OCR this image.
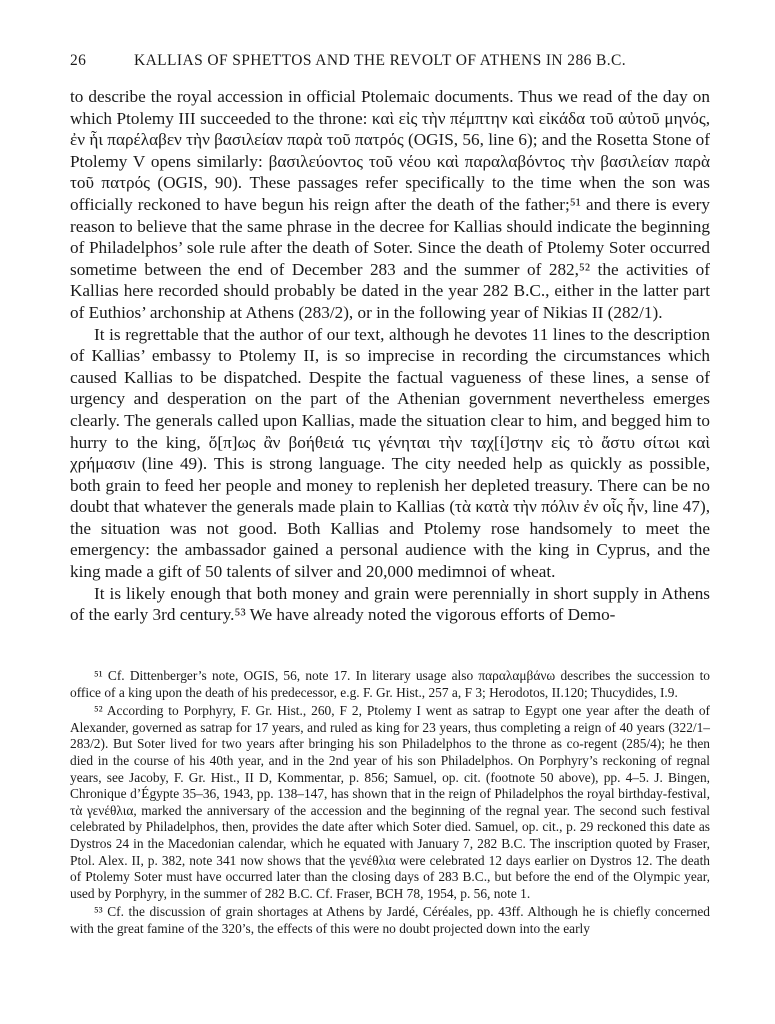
26	KALLIAS OF SPHETTOS AND THE REVOLT OF ATHENS IN 286 B.C.

to describe the royal accession in official Ptolemaic documents. Thus we read of the day on which Ptolemy III succeeded to the throne: καὶ εἰς τὴν πέμπτην καὶ εἰκάδα τοῦ αὐτοῦ μηνός, ἐν ἧι παρέλαβεν τὴν βασιλείαν παρὰ τοῦ πατρός (OGIS, 56, line 6); and the Rosetta Stone of Ptolemy V opens similarly: βασιλεύοντος τοῦ νέου καὶ παραλαβόντος τὴν βασιλείαν παρὰ τοῦ πατρός (OGIS, 90). These passages refer specifically to the time when the son was officially reckoned to have begun his reign after the death of the father;⁵¹ and there is every reason to believe that the same phrase in the decree for Kallias should indicate the beginning of Philadelphos’ sole rule after the death of Soter. Since the death of Ptolemy Soter occurred sometime between the end of December 283 and the summer of 282,⁵² the activities of Kallias here recorded should probably be dated in the year 282 B.C., either in the latter part of Euthios’ archonship at Athens (283/2), or in the following year of Nikias II (282/1).

It is regrettable that the author of our text, although he devotes 11 lines to the description of Kallias’ embassy to Ptolemy II, is so imprecise in recording the circumstances which caused Kallias to be dispatched. Despite the factual vagueness of these lines, a sense of urgency and desperation on the part of the Athenian government nevertheless emerges clearly. The generals called upon Kallias, made the situation clear to him, and begged him to hurry to the king, ὅ[π]ως ἂν βοήθειά τις γένηται τὴν ταχ[ί]στην εἰς τὸ ἄστυ σίτωι καὶ χρήμασιν (line 49). This is strong language. The city needed help as quickly as possible, both grain to feed her people and money to replenish her depleted treasury. There can be no doubt that whatever the generals made plain to Kallias (τὰ κατὰ τὴν πόλιν ἐν οἷς ἦν, line 47), the situation was not good. Both Kallias and Ptolemy rose handsomely to meet the emergency: the ambassador gained a personal audience with the king in Cyprus, and the king made a gift of 50 talents of silver and 20,000 medimnoi of wheat.

It is likely enough that both money and grain were perennially in short supply in Athens of the early 3rd century.⁵³ We have already noted the vigorous efforts of Demo-

⁵¹ Cf. Dittenberger’s note, OGIS, 56, note 17. In literary usage also παραλαμβάνω describes the succession to office of a king upon the death of his predecessor, e.g. F. Gr. Hist., 257 a, F 3; Herodotos, II.120; Thucydides, I.9.

⁵² According to Porphyry, F. Gr. Hist., 260, F 2, Ptolemy I went as satrap to Egypt one year after the death of Alexander, governed as satrap for 17 years, and ruled as king for 23 years, thus completing a reign of 40 years (322/1–283/2). But Soter lived for two years after bringing his son Philadelphos to the throne as co-regent (285/4); he then died in the course of his 40th year, and in the 2nd year of his son Philadelphos. On Porphyry’s reckoning of regnal years, see Jacoby, F. Gr. Hist., II D, Kommentar, p. 856; Samuel, op. cit. (footnote 50 above), pp. 4–5. J. Bingen, Chronique d’Égypte 35–36, 1943, pp. 138–147, has shown that in the reign of Philadelphos the royal birthday-festival, τὰ γενέθλια, marked the anniversary of the accession and the beginning of the regnal year. The second such festival celebrated by Philadelphos, then, provides the date after which Soter died. Samuel, op. cit., p. 29 reckoned this date as Dystros 24 in the Macedonian calendar, which he equated with January 7, 282 B.C. The inscription quoted by Fraser, Ptol. Alex. II, p. 382, note 341 now shows that the γενέθλια were celebrated 12 days earlier on Dystros 12. The death of Ptolemy Soter must have occurred later than the closing days of 283 B.C., but before the end of the Olympic year, used by Porphyry, in the summer of 282 B.C. Cf. Fraser, BCH 78, 1954, p. 56, note 1.

⁵³ Cf. the discussion of grain shortages at Athens by Jardé, Céréales, pp. 43ff. Although he is chiefly concerned with the great famine of the 320’s, the effects of this were no doubt projected down into the early
